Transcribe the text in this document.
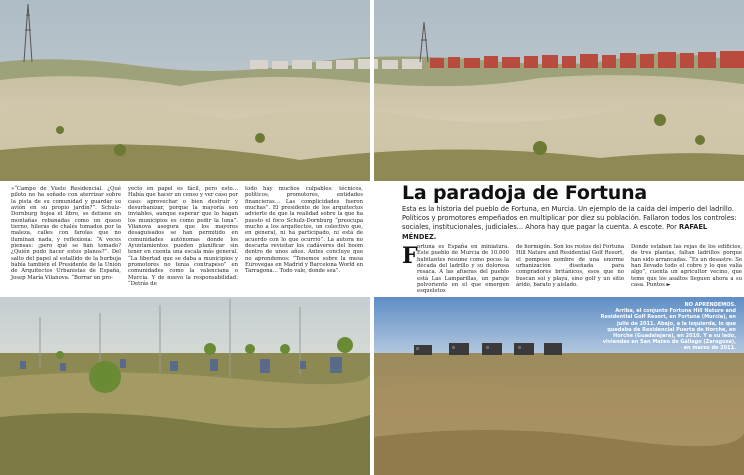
»“Campo de Vuelo Residencial. ¿Qué piloto no ha soñado con aterrizar sobre la pista de su comunidad y guardar su avión en su propio jardín?”. Schulz-Dornburg hojea el libro, se detiene en montañas rebanadas como un queso tierno, hileras de chalés tomados por la maleza, calles con farolas que no iluminan nada, y reflexiona: “A veces piensas: ¡pero qué se han tomado? ¿Quién pudo hacer estos planos?”. Del salto del papel al estallido de la burbuja había también el Presidente de la Unión de Arquitectos Urbanistas de España, Josep María Vilanova. “Borrar un pro-

yecto en papel es fácil, pero esto… Había que hacer un censo y ver caso por caso: aprovechar o bien destruir y desurbanizar, porque la mayoría son inviables, aunque esperar que lo hagan los municipios es como pedir la luna”. Vilanova asegura que los mayores desaguisados se han permitido en comunidades autónomas donde los Ayuntamientos pueden planificar sin tener en cuenta una escala más general. “La libertad que se daba a municipios y promotores no tenía contrapeso” en comunidades como la valenciana o Murcia. Y de nuevo la responsabilidad: “Detrás de

todo hay muchos culpables: técnicos, políticos, promotores, entidades financieras… Las complicidades fueron muchas”. El presidente de los arquitectos advierte de que la realidad sobre la que ha puesto el foco Schulz-Dornburg “preocupa mucho a los arquitectos, un colectivo que, en general, ni ha participado, ni está de acuerdo con lo que ocurrió”. La autora no descarta revisitar los cadáveres del boom dentro de unos años. Antes concluye que no aprendemos: “Tenemos sobre la mesa Eurovegas en Madrid y Barcelona World en Tarragona… Todo vale, donde sea”.

La paradoja de Fortuna

Esta es la historia del pueblo de Fortuna, en Murcia. Un ejemplo de la caída del imperio del ladrillo. Políticos y promotores empeñados en multiplicar por diez su población. Fallaron todos los controles: sociales, institucionales, judiciales... Ahora hay que pagar la cuenta. A escote. Por RAFAEL MÉNDEZ.

F ortuna es España en miniatura. Este pueblo de Murcia de 10.000 habitantes resume como pocos la década del ladrillo y su dolorosa resaca. A las afueras del pueblo está Las Lamparillas, un paraje polvoriento en el que emergen esqueletos
de hormigón. Son los restos del Fortuna Hill Nature and Residential Golf Resort, el pomposo nombre de una enorme urbanización diseñada para compradores británicos, esos que no buscan sol y playa, sino golf y un sitio árido, barato y aislado.
Donde estaban las rejas de los edificios, de tres plantas, faltan ladrillos porque han sido arrancadas. “Es un desastre. Se han llevado todo el cobre y lo que valía algo”, cuenta un agricultor vecino, que teme que los asaltos lleguen ahora a su casa. Puntos ►
NO APRENDEMOS.
Arriba, el conjunto Fortuna Hill Nature and Residential Golf Resort, en Fortuna (Murcia), en julio de 2011. Abajo, a la izquierda, lo que quedaba de Residencial Puerta de Horche, en Horche (Guadalajara), en 2010. Y a su lado, viviendas en San Mateo de Gállego (Zaragoza), en marzo de 2011.
